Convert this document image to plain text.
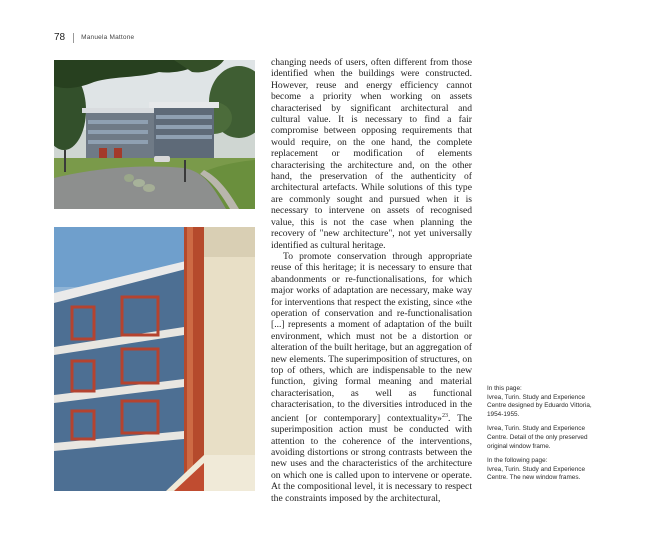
78 Manuela Mattone

changing needs of users, often different from those identified when the buildings were constructed. However, reuse and energy efficiency cannot become a priority when working on assets characterised by significant architectural and cultural value. It is necessary to find a fair compromise between opposing requirements that would require, on the one hand, the complete replacement or modification of elements characterising the architecture and, on the other hand, the preservation of the authenticity of architectural artefacts. While solutions of this type are commonly sought and pursued when it is necessary to intervene on assets of recognised value, this is not the case when planning the recovery of "new architecture", not yet universally identified as cultural heritage.

To promote conservation through appropriate reuse of this heritage; it is necessary to ensure that abandonments or re-functionalisations, for which major works of adaptation are necessary, make way for interventions that respect the existing, since «the operation of conservation and re-functionalisation [...] represents a moment of adaptation of the built environment, which must not be a distortion or alteration of the built heritage, but an aggregation of new elements. The superimposition of structures, on top of others, which are indispensable to the new function, giving formal meaning and material characterisation, as well as functional characterisation, to the diversities introduced in the ancient [or contemporary] contextuality»$^{23}$. The superimposition action must be conducted with attention to the coherence of the interventions, avoiding distortions or strong contrasts between the new uses and the characteristics of the architecture on which one is called upon to intervene or operate. At the compositional level, it is necessary to respect the constraints imposed by the architectural,

In this page:
Ivrea, Turin. Study and Experience Centre designed by Eduardo Vittoria, 1954-1955.

Ivrea, Turin. Study and Experience Centre. Detail of the only preserved original window frame.

In the following page:
Ivrea, Turin. Study and Experience Centre. The new window frames.
